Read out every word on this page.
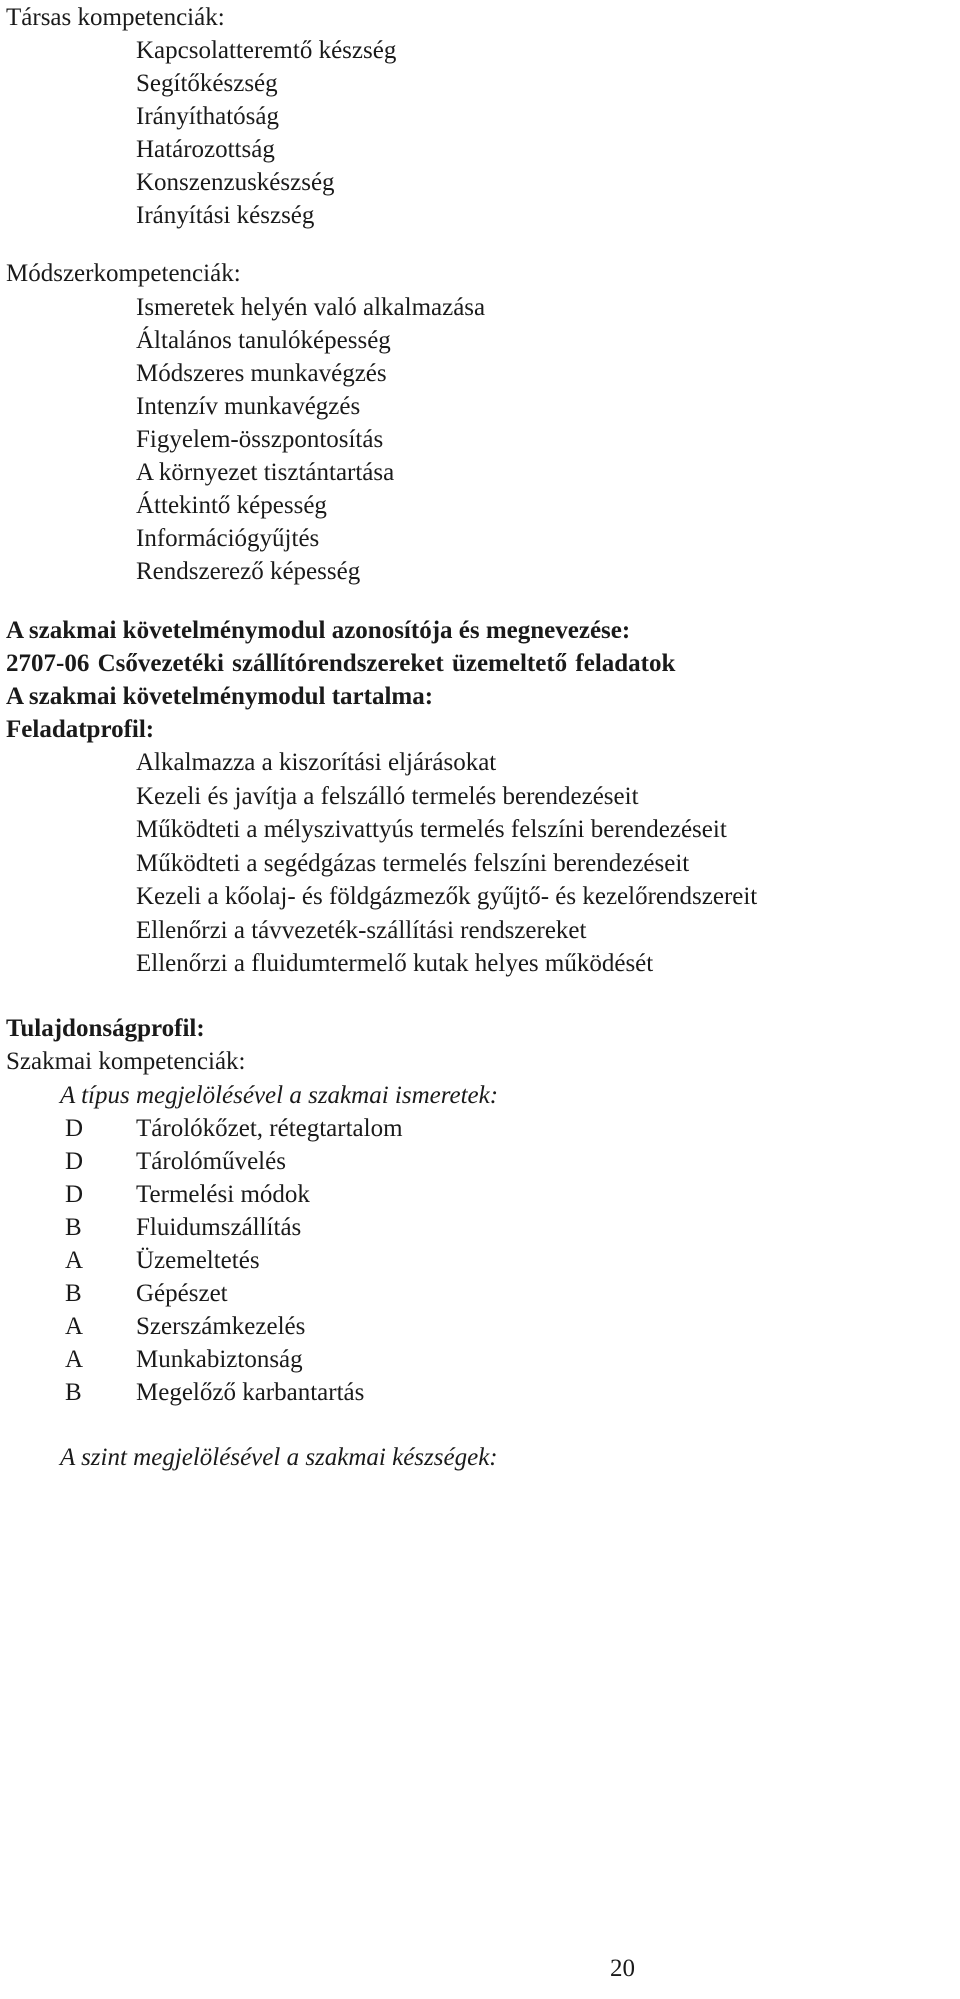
Társas kompetenciák:
Kapcsolatteremtő készség
Segítőkészség
Irányíthatóság
Határozottság
Konszenzuskészség
Irányítási készség
Módszerkompetenciák:
Ismeretek helyén való alkalmazása
Általános tanulóképesség
Módszeres munkavégzés
Intenzív munkavégzés
Figyelem-összpontosítás
A környezet tisztántartása
Áttekintő képesség
Információgyűjtés
Rendszerező képesség
A szakmai követelménymodul azonosítója és megnevezése:
2707-06 Csővezetéki szállítórendszereket üzemeltető feladatok
A szakmai követelménymodul tartalma:
Feladatprofil:
Alkalmazza a kiszorítási eljárásokat
Kezeli és javítja a felszálló termelés berendezéseit
Működteti a mélyszivattyús termelés felszíni berendezéseit
Működteti a segédgázas termelés felszíni berendezéseit
Kezeli a kőolaj- és földgázmezők gyűjtő- és kezelőrendszereit
Ellenőrzi a távvezeték-szállítási rendszereket
Ellenőrzi a fluidumtermelő kutak helyes működését
Tulajdonságprofil:
Szakmai kompetenciák:
A típus megjelölésével a szakmai ismeretek:
D	Tárolókőzet, rétegtartalom
D	Tárolóművelés
D	Termelési módok
B	Fluidumszállítás
A	Üzemeltetés
B	Gépészet
A	Szerszámkezelés
A	Munkabiztonság
B	Megelőző karbantartás
A szint megjelölésével a szakmai készségek:
20
